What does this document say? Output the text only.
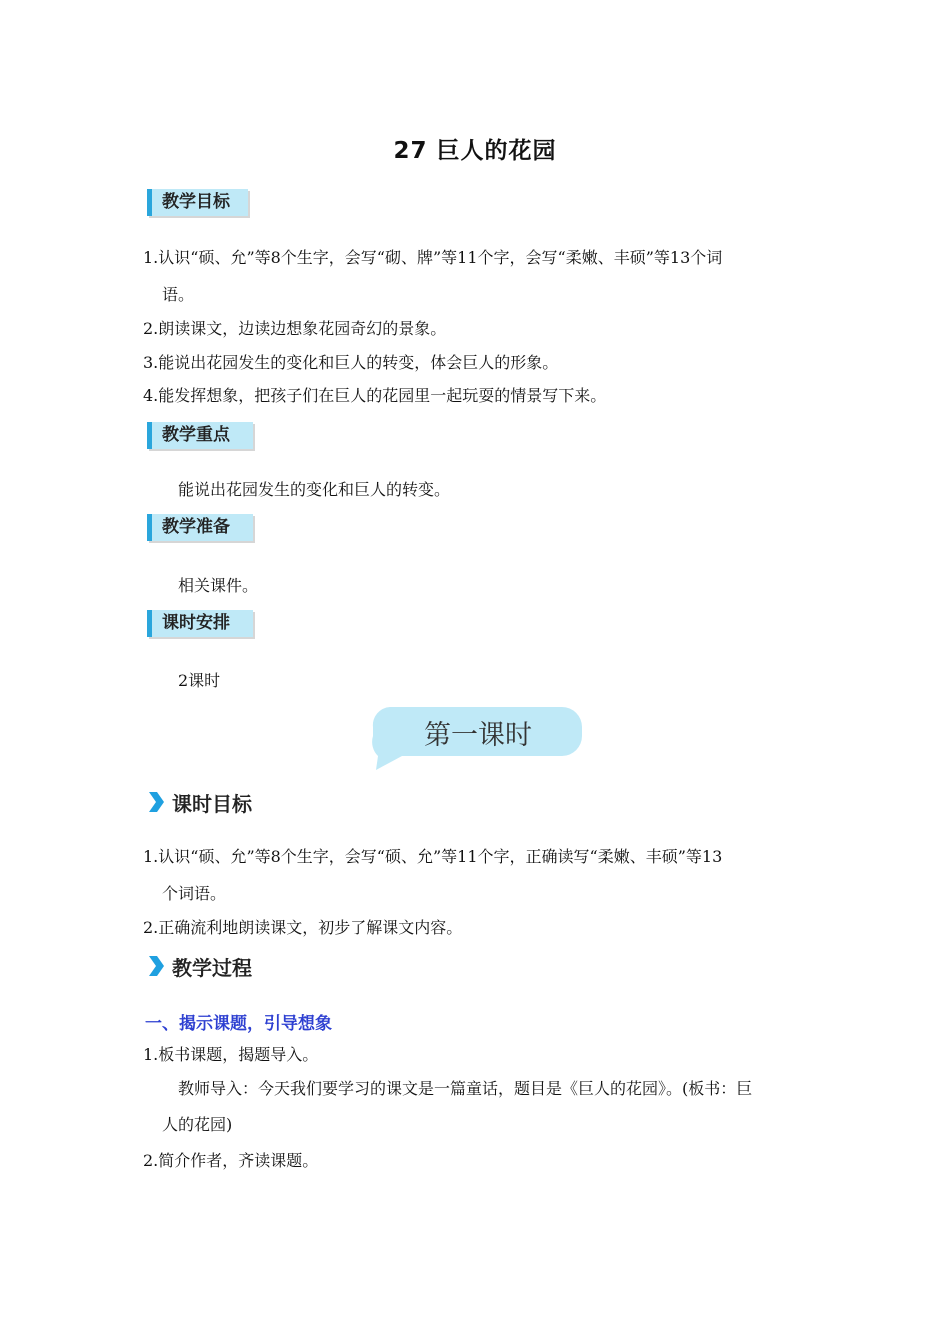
27 巨人的花园
教学目标
1.认识“硕、允”等8个生字，会写“砌、牌”等11个字，会写“柔嫩、丰硕”等13个词
语。
2.朗读课文，边读边想象花园奇幻的景象。
3.能说出花园发生的变化和巨人的转变，体会巨人的形象。
4.能发挥想象，把孩子们在巨人的花园里一起玩耍的情景写下来。
教学重点
能说出花园发生的变化和巨人的转变。
教学准备
相关课件。
课时安排
2课时
第一课时
课时目标
1.认识“硕、允”等8个生字，会写“硕、允”等11个字，正确读写“柔嫩、丰硕”等13
个词语。
2.正确流利地朗读课文，初步了解课文内容。
教学过程
一、揭示课题，引导想象
1.板书课题，揭题导入。
教师导入：今天我们要学习的课文是一篇童话，题目是《巨人的花园》。(板书：巨
人的花园)
2.简介作者，齐读课题。
